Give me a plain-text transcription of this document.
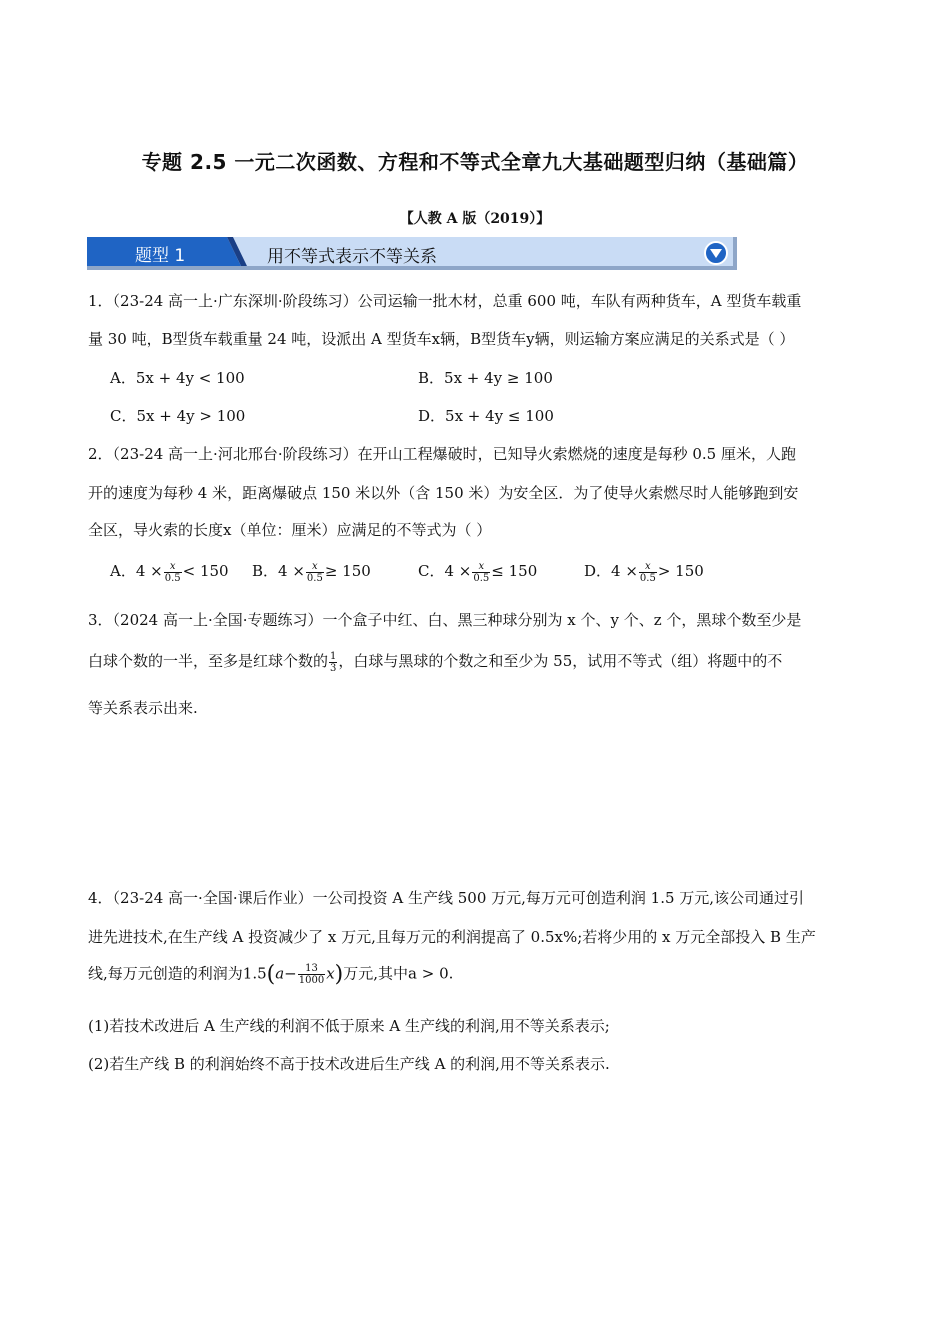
专题 2.5 一元二次函数、方程和不等式全章九大基础题型归纳（基础篇）
【人教 A 版（2019）】
题型 1	用不等式表示不等关系
1．（23-24 高一上·广东深圳·阶段练习）公司运输一批木材，总重 600 吨，车队有两种货车，A 型货车载重
量 30 吨，B型货车载重量 24 吨，设派出 A 型货车x辆，B型货车y辆，则运输方案应满足的关系式是（ ）
A．5x + 4y < 100	B．5x + 4y ≥ 100
C．5x + 4y > 100	D．5x + 4y ≤ 100
2．（23-24 高一上·河北邢台·阶段练习）在开山工程爆破时，已知导火索燃烧的速度是每秒 0.5 厘米，人跑
开的速度为每秒 4 米，距离爆破点 150 米以外（含 150 米）为安全区．为了使导火索燃尽时人能够跑到安
全区，导火索的长度x（单位：厘米）应满足的不等式为（ ）
A．$4 \times \frac{x}{0.5} < 150$ B．$4 \times \frac{x}{0.5} \ge 150$	C．$4 \times \frac{x}{0.5} \le 150$	D．$4 \times \frac{x}{0.5} > 150$
3．（2024 高一上·全国·专题练习）一个盒子中红、白、黑三种球分别为 x 个、y 个、z 个，黑球个数至少是
白球个数的一半，至多是红球个数的 $\frac{1}{3}$ ，白球与黑球的个数之和至少为 55，试用不等式（组）将题中的不
等关系表示出来.
4．（23-24 高一·全国·课后作业）一公司投资 A 生产线 500 万元,每万元可创造利润 1.5 万元,该公司通过引
进先进技术,在生产线 A 投资减少了 x 万元,且每万元的利润提高了 0.5x%;若将少用的 x 万元全部投入 B 生产
线,每万元创造的利润为$1.5(a- \frac{13}{1000} x)$万元,其中a > 0.
(1)若技术改进后 A 生产线的利润不低于原来 A 生产线的利润,用不等关系表示;
(2)若生产线 B 的利润始终不高于技术改进后生产线 A 的利润,用不等关系表示.
